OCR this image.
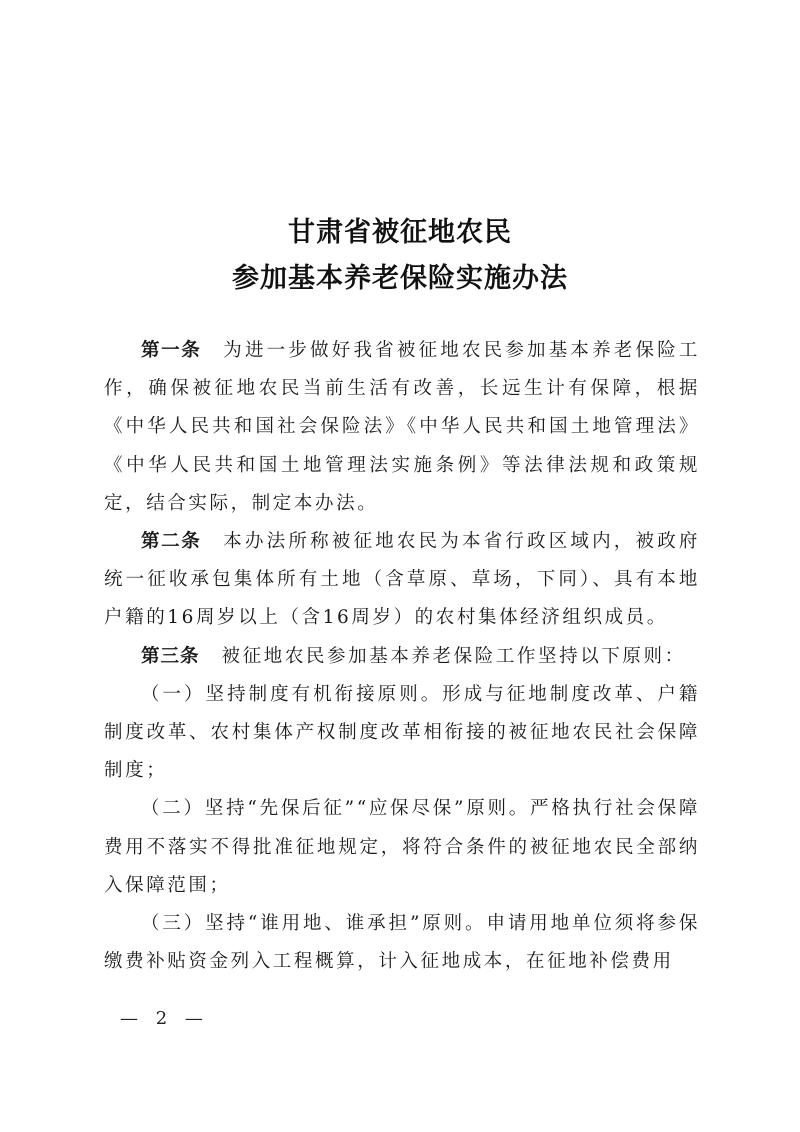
甘肃省被征地农民
参加基本养老保险实施办法

第一条 为进一步做好我省被征地农民参加基本养老保险工作，确保被征地农民当前生活有改善，长远生计有保障，根据《中华人民共和国社会保险法》《中华人民共和国土地管理法》《中华人民共和国土地管理法实施条例》等法律法规和政策规定，结合实际，制定本办法。

第二条 本办法所称被征地农民为本省行政区域内，被政府统一征收承包集体所有土地（含草原、草场，下同）、具有本地户籍的16周岁以上（含16周岁）的农村集体经济组织成员。

第三条 被征地农民参加基本养老保险工作坚持以下原则：

（一）坚持制度有机衔接原则。形成与征地制度改革、户籍制度改革、农村集体产权制度改革相衔接的被征地农民社会保障制度；

（二）坚持“先保后征”“应保尽保”原则。严格执行社会保障费用不落实不得批准征地规定，将符合条件的被征地农民全部纳入保障范围；

（三）坚持“谁用地、谁承担”原则。申请用地单位须将参保缴费补贴资金列入工程概算，计入征地成本，在征地补偿费用

— 2 —
